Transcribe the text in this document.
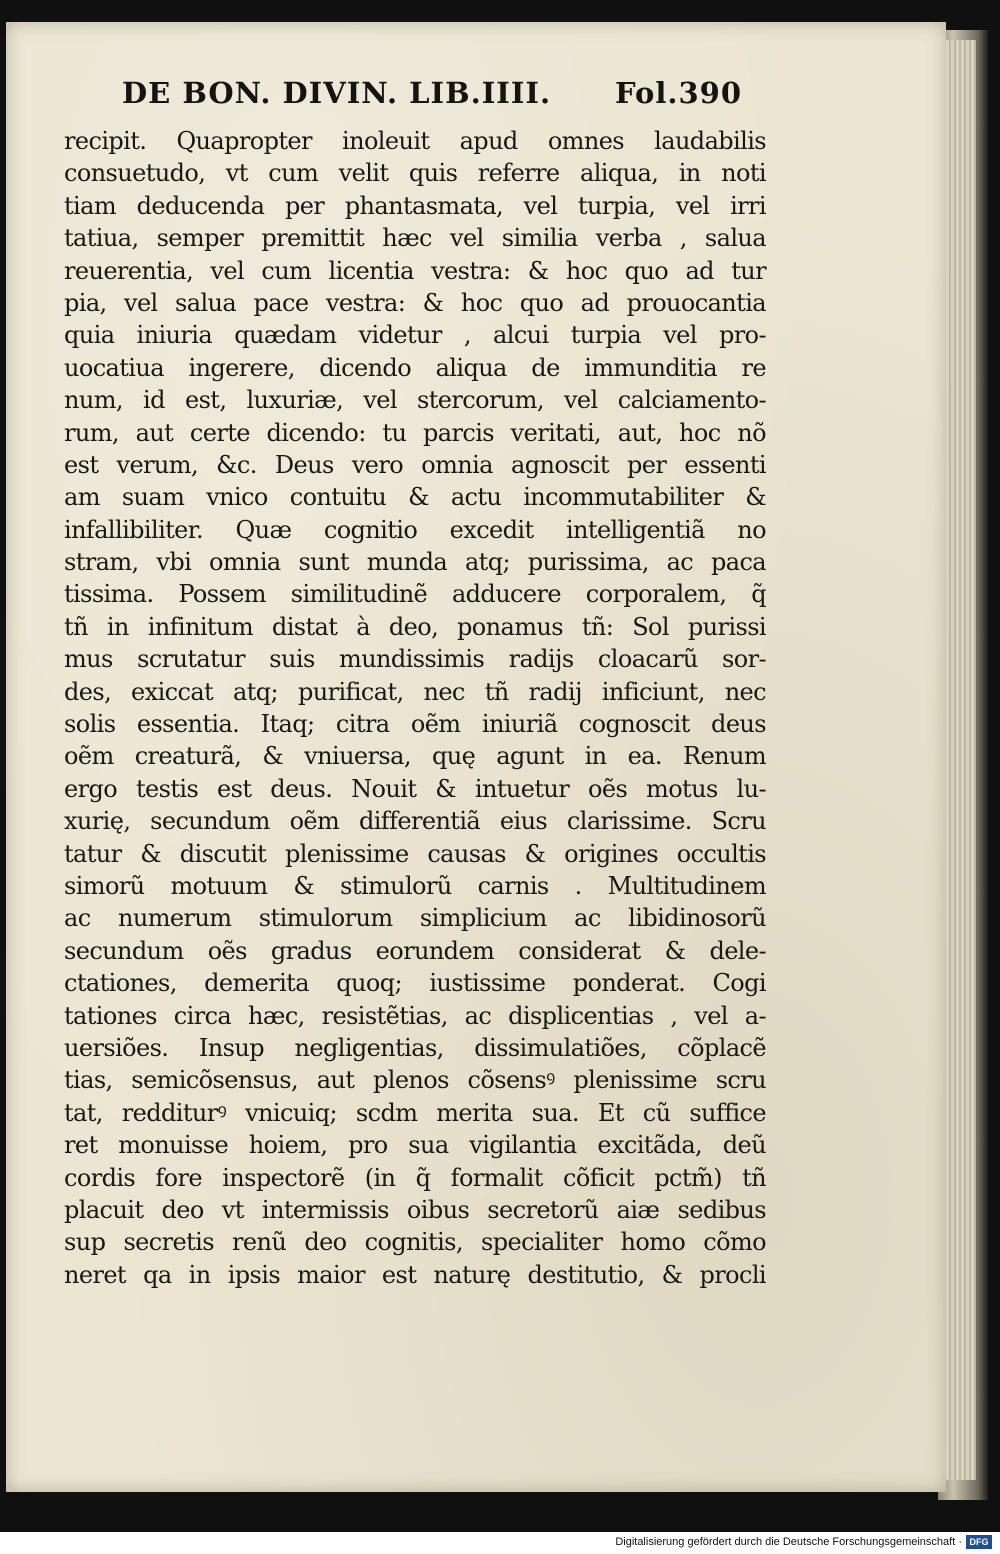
DE BON. DIVIN. LIB.IIII. Fol.390
recipit. Quapropter inoleuit apud omnes laudabilis
consuetudo, vt cum velit quis referre aliqua, in noti
tiam deducenda per phantasmata, vel turpia, vel irri
tatiua, semper premittit hæc vel similia verba , salua
reuerentia, vel cum licentia vestra: & hoc quo ad tur
pia, vel salua pace vestra: & hoc quo ad prouocantia
quia iniuria quædam videtur , alcui turpia vel pro-
uocatiua ingerere, dicendo aliqua de immunditia re
num, id est, luxuriæ, vel stercorum, vel calciamento-
rum, aut certe dicendo: tu parcis veritati, aut, hoc nõ
est verum, &c. Deus vero omnia agnoscit per essenti
am suam vnico contuitu & actu incommutabiliter &
infallibiliter. Quæ cognitio excedit intelligentiã no
stram, vbi omnia sunt munda atq; purissima, ac paca
tissima. Possem similitudinẽ adducere corporalem, q̃
tñ in infinitum distat à deo, ponamus tñ: Sol purissi
mus scrutatur suis mundissimis radijs cloacarũ sor-
des, exiccat atq; purificat, nec tñ radij inficiunt, nec
solis essentia. Itaq; citra oẽm iniuriã cognoscit deus
oẽm creaturã, & vniuersa, quę agunt in ea. Renum
ergo testis est deus. Nouit & intuetur oẽs motus lu-
xurię, secundum oẽm differentiã eius clarissime. Scru
tatur & discutit plenissime causas & origines occultis
simorũ motuum & stimulorũ carnis . Multitudinem
ac numerum stimulorum simplicium ac libidinosorũ
secundum oẽs gradus eorundem considerat & dele-
ctationes, demerita quoq; iustissime ponderat. Cogi
tationes circa hæc, resistẽtias, ac displicentias , vel a-
uersiões. Insup negligentias, dissimulatiões, cõplacẽ
tias, semicõsensus, aut plenos cõsensꝰ plenissime scru
tat, redditurꝰ vnicuiq; scdm merita sua. Et cũ suffice
ret monuisse hoiem, pro sua vigilantia excitãda, deũ
cordis fore inspectorẽ (in q̃ formalit cõficit pctm̃) tñ
placuit deo vt intermissis oibus secretorũ aiæ sedibus
sup secretis renũ deo cognitis, specialiter homo cõmo
neret qa in ipsis maior est naturę destitutio, & procli
Digitalisierung gefördert durch die Deutsche Forschungsgemeinschaft · DFG
